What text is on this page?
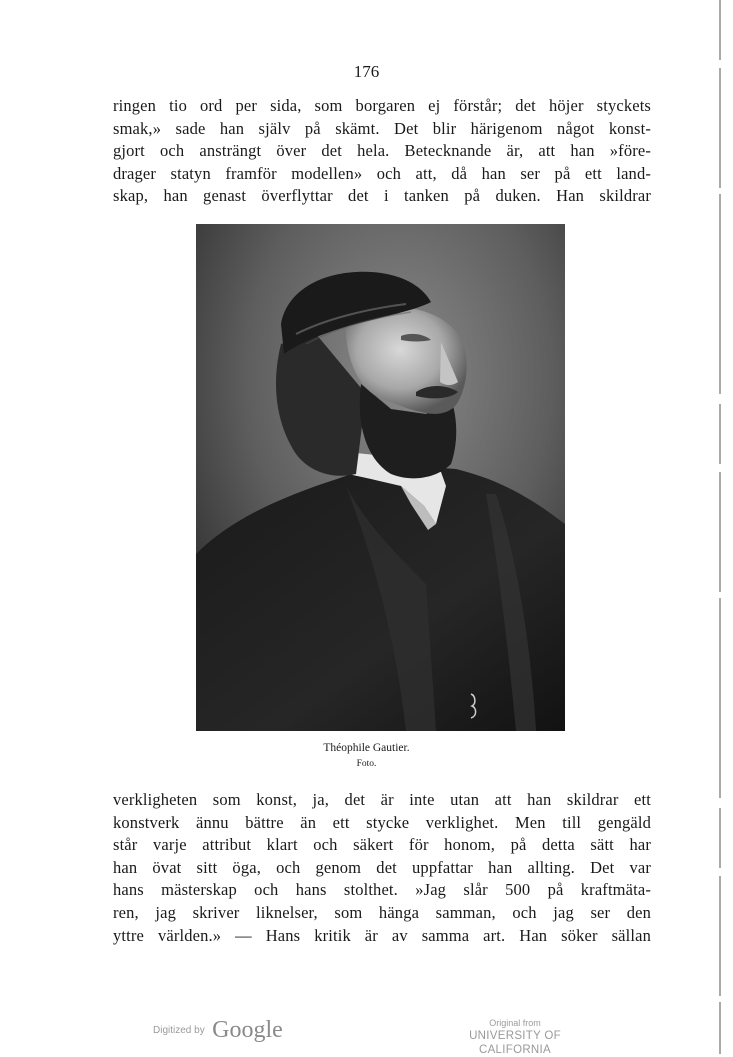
176
ringen tio ord per sida, som borgaren ej förstår; det höjer styckets
smak,» sade han själv på skämt. Det blir härigenom något konst-
gjort och ansträngt över det hela. Betecknande är, att han »före-
drager statyn framför modellen» och att, då han ser på ett land-
skap, han genast överflyttar det i tanken på duken. Han skildrar
Théophile Gautier.
Foto.
verkligheten som konst, ja, det är inte utan att han skildrar ett
konstverk ännu bättre än ett stycke verklighet. Men till gengäld
står varje attribut klart och säkert för honom, på detta sätt har
han övat sitt öga, och genom det uppfattar han allting. Det var
hans mästerskap och hans stolthet. »Jag slår 500 på kraftmäta-
ren, jag skriver liknelser, som hänga samman, och jag ser den
yttre världen.» — Hans kritik är av samma art. Han söker sällan
Digitized by Google	Original from
UNIVERSITY OF CALIFORNIA
